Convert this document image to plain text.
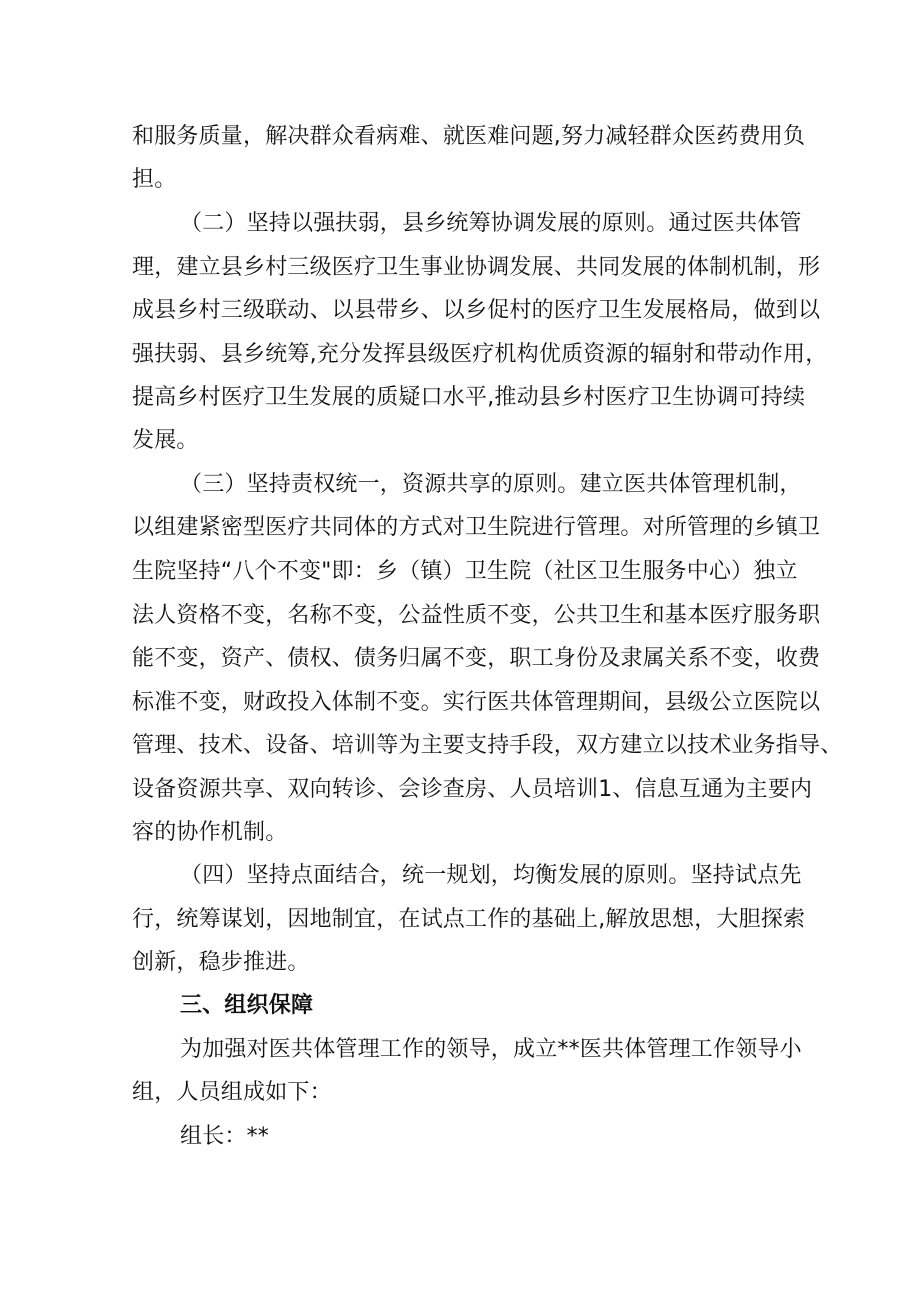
和服务质量，解决群众看病难、就医难问题,努力减轻群众医药费用负
担。
（二）坚持以强扶弱，县乡统筹协调发展的原则。通过医共体管
理，建立县乡村三级医疗卫生事业协调发展、共同发展的体制机制，形
成县乡村三级联动、以县带乡、以乡促村的医疗卫生发展格局，做到以
强扶弱、县乡统筹,充分发挥县级医疗机构优质资源的辐射和带动作用，
提高乡村医疗卫生发展的质疑口水平,推动县乡村医疗卫生协调可持续
发展。
（三）坚持责权统一，资源共享的原则。建立医共体管理机制，
以组建紧密型医疗共同体的方式对卫生院进行管理。对所管理的乡镇卫
生院坚持“八个不变"即：乡（镇）卫生院（社区卫生服务中心）独立
法人资格不变，名称不变，公益性质不变，公共卫生和基本医疗服务职
能不变，资产、债权、债务归属不变，职工身份及隶属关系不变，收费
标准不变，财政投入体制不变。实行医共体管理期间，县级公立医院以
管理、技术、设备、培训等为主要支持手段，双方建立以技术业务指导、
设备资源共享、双向转诊、会诊查房、人员培训1、信息互通为主要内
容的协作机制。
（四）坚持点面结合，统一规划，均衡发展的原则。坚持试点先
行，统筹谋划，因地制宜，在试点工作的基础上,解放思想，大胆探索
创新，稳步推进。
三、组织保障
为加强对医共体管理工作的领导，成立**医共体管理工作领导小
组，人员组成如下：
组长：**
